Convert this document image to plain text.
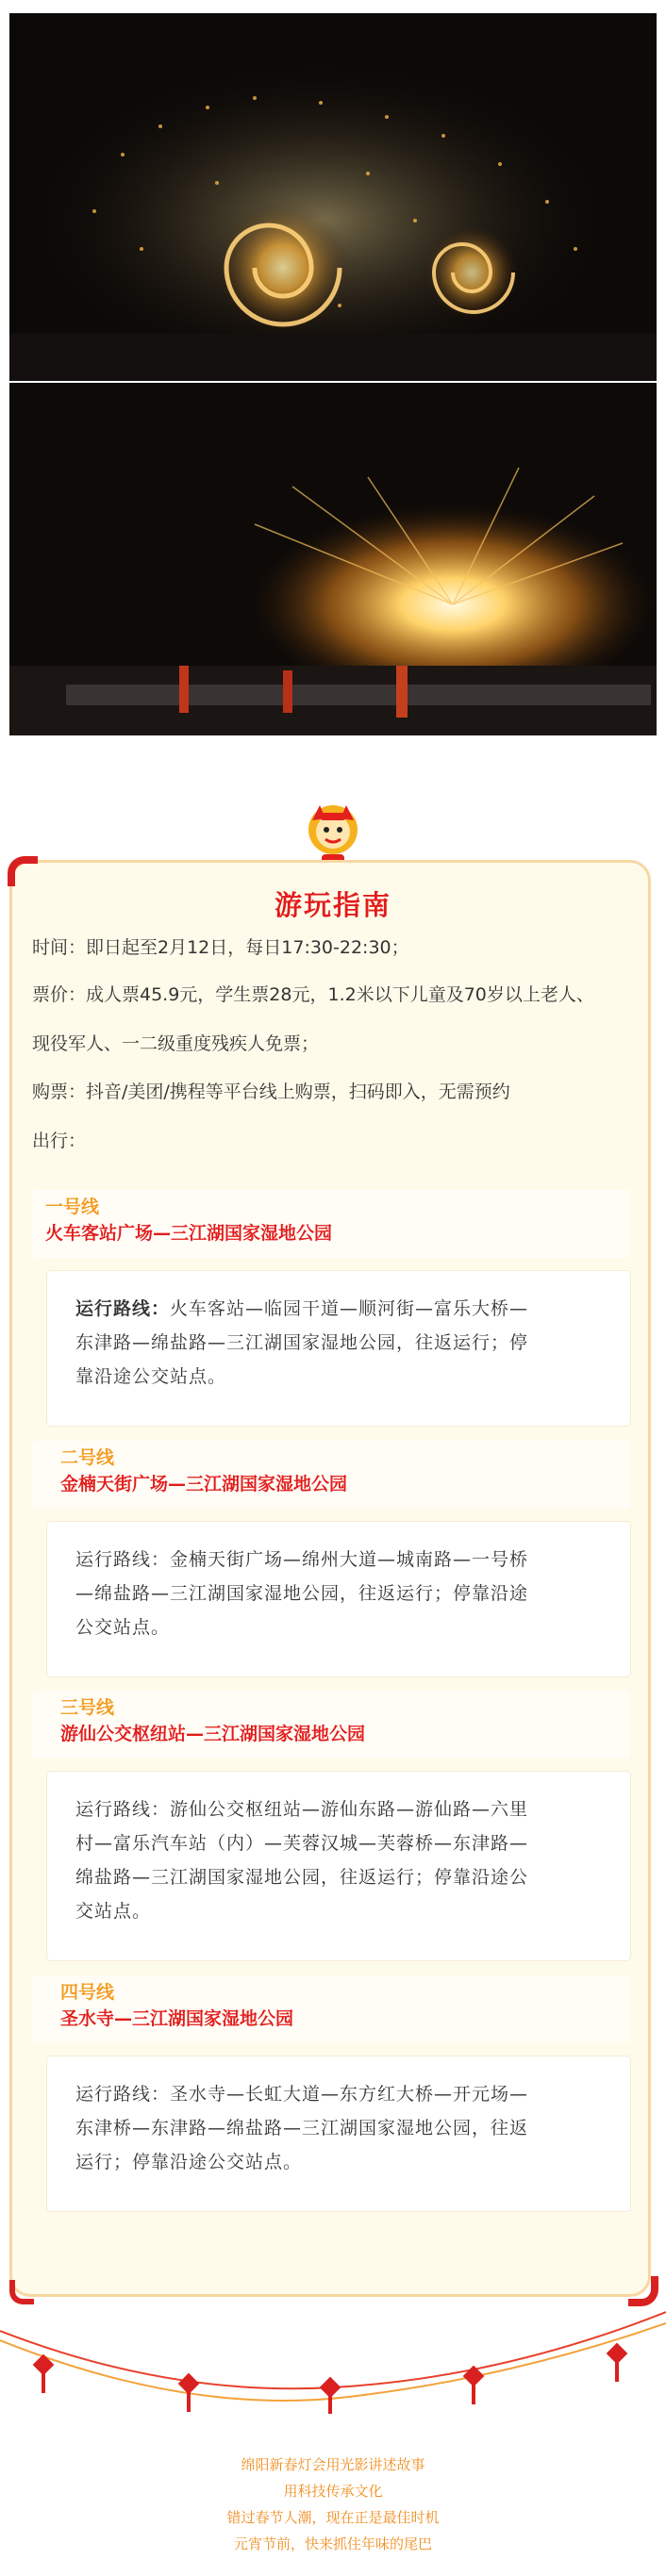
游玩指南
时间：即日起至2月12日，每日17:30-22:30；
票价：成人票45.9元，学生票28元，1.2米以下儿童及70岁以上老人、
现役军人、一二级重度残疾人免票；
购票：抖音/美团/携程等平台线上购票，扫码即入，无需预约
出行：
一号线
火车客站广场—三江湖国家湿地公园
运行路线：火车客站—临园干道—顺河街—富乐大桥—
东津路—绵盐路—三江湖国家湿地公园，往返运行；停
靠沿途公交站点。
二号线
金楠天街广场—三江湖国家湿地公园
运行路线：金楠天街广场—绵州大道—城南路—一号桥
—绵盐路—三江湖国家湿地公园，往返运行；停靠沿途
公交站点。
三号线
游仙公交枢纽站—三江湖国家湿地公园
运行路线：游仙公交枢纽站—游仙东路—游仙路—六里
村—富乐汽车站（内）—芙蓉汉城—芙蓉桥—东津路—
绵盐路—三江湖国家湿地公园，往返运行；停靠沿途公
交站点。
四号线
圣水寺—三江湖国家湿地公园
运行路线：圣水寺—长虹大道—东方红大桥—开元场—
东津桥—东津路—绵盐路—三江湖国家湿地公园，往返
运行；停靠沿途公交站点。
绵阳新春灯会用光影讲述故事
用科技传承文化
错过春节人潮，现在正是最佳时机
元宵节前，快来抓住年味的尾巴
